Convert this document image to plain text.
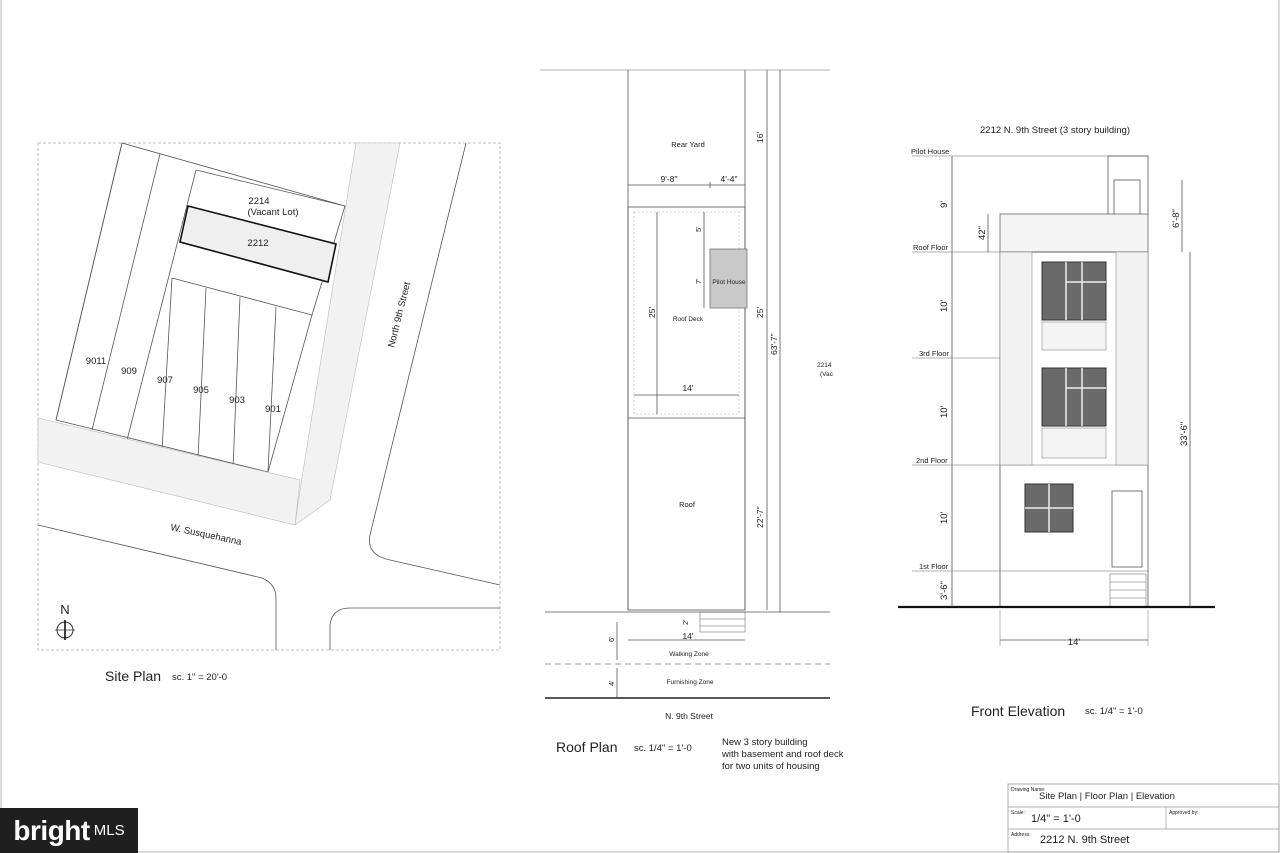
2214
(Vacant Lot)
2212
North 9th Street
W. Susquehanna
9011
909
907
905
903
901
N
Site Plan sc. 1" = 20'-0
Rear Yard
16'
9'-8"	4'-4"
5'
7' Pilot House
25'	25'
Roof Deck
63'-7"
2214
(Vac
14'
Roof
22'-7"
2'
6'	14'
Walking Zone
4'	Furnishing Zone
N. 9th Street
Roof Plan sc. 1/4" = 1'-0
New 3 story building
with basement and roof deck
for two units of housing
2212 N. 9th Street (3 story building)
Pilot House
Roof Floor
3rd Floor
2nd Floor
1st Floor
9'
42"
6'-8"
10'
10'
10'
3'-6"
33'-6"
14'
Front Elevation sc. 1/4" = 1'-0
Drawing Name:
Site Plan | Floor Plan | Elevation
Scale: 1/4" = 1'-0	Approved by:
Address: 2212 N. 9th Street
bright MLS
